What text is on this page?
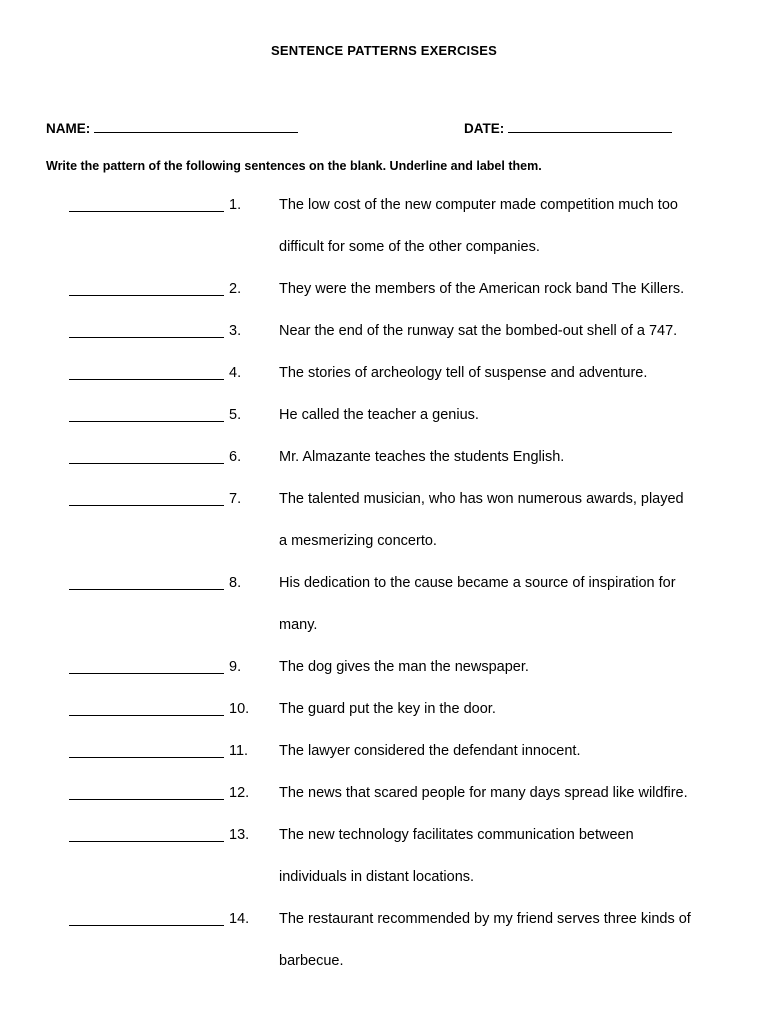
SENTENCE PATTERNS EXERCISES
NAME:	DATE:
Write the pattern of the following sentences on the blank. Underline and label them.
1.	The low cost of the new computer made competition much too
difficult for some of the other companies.
2.	They were the members of the American rock band The Killers.
3.	Near the end of the runway sat the bombed-out shell of a 747.
4.	The stories of archeology tell of suspense and adventure.
5.	He called the teacher a genius.
6.	Mr. Almazante teaches the students English.
7.	The talented musician, who has won numerous awards, played
a mesmerizing concerto.
8.	His dedication to the cause became a source of inspiration for
many.
9.	The dog gives the man the newspaper.
10. The guard put the key in the door.
11. The lawyer considered the defendant innocent.
12. The news that scared people for many days spread like wildfire.
13. The new technology facilitates communication between
individuals in distant locations.
14. The restaurant recommended by my friend serves three kinds of
barbecue.
